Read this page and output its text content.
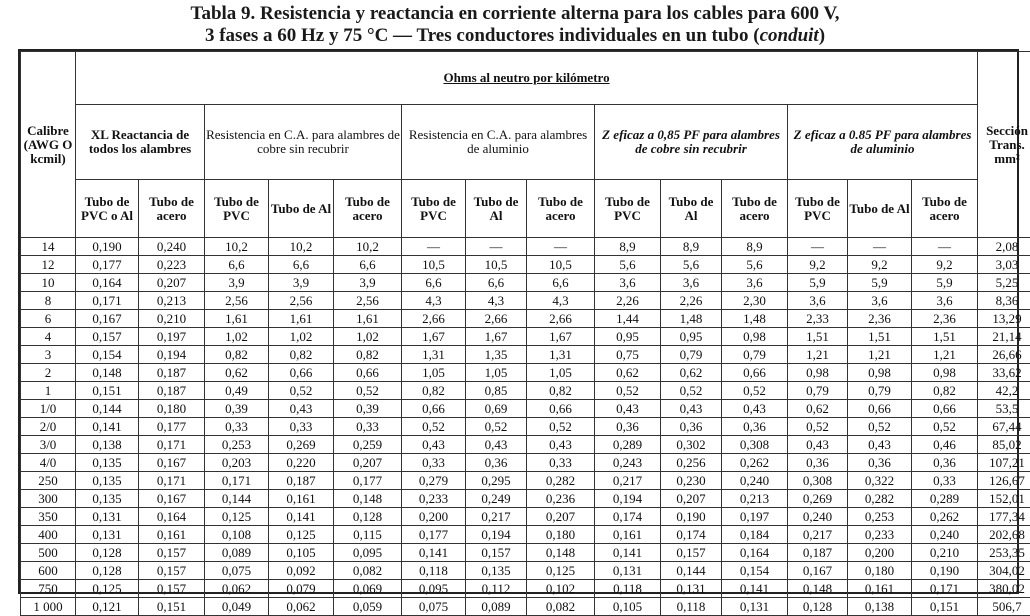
Tabla 9. Resistencia y reactancia en corriente alterna para los cables para 600 V,
3 fases a 60 Hz y 75 °C — Tres conductores individuales en un tubo (conduit)
Calibre (AWG O kcmil)	Ohms al neutro por kilómetro														Sección Trans. mm²
	XL Reactancia de todos los alambres		Resistencia en C.A. para alambres de cobre sin recubrir			Resistencia en C.A. para alambres de aluminio			Z eficaz a 0,85 PF para alambres de cobre sin recubrir			Z eficaz a 0.85 PF para alambres de aluminio			
	Tubo de PVC o Al	Tubo de acero	Tubo de PVC	Tubo de Al	Tubo de acero	Tubo de PVC	Tubo de Al	Tubo de acero	Tubo de PVC	Tubo de Al	Tubo de acero	Tubo de PVC	Tubo de Al	Tubo de acero	
14	0,190	0,240	10,2	10,2	10,2	—	—	—	8,9	8,9	8,9	—	—	—	2,08
12	0,177	0,223	6,6	6,6	6,6	10,5	10,5	10,5	5,6	5,6	5,6	9,2	9,2	9,2	3,03
10	0,164	0,207	3,9	3,9	3,9	6,6	6,6	6,6	3,6	3,6	3,6	5,9	5,9	5,9	5,25
8	0,171	0,213	2,56	2,56	2,56	4,3	4,3	4,3	2,26	2,26	2,30	3,6	3,6	3,6	8,36
6	0,167	0,210	1,61	1,61	1,61	2,66	2,66	2,66	1,44	1,48	1,48	2,33	2,36	2,36	13,29
4	0,157	0,197	1,02	1,02	1,02	1,67	1,67	1,67	0,95	0,95	0,98	1,51	1,51	1,51	21,14
3	0,154	0,194	0,82	0,82	0,82	1,31	1,35	1,31	0,75	0,79	0,79	1,21	1,21	1,21	26,66
2	0,148	0,187	0,62	0,66	0,66	1,05	1,05	1,05	0,62	0,62	0,66	0,98	0,98	0,98	33,62
1	0,151	0,187	0,49	0,52	0,52	0,82	0,85	0,82	0,52	0,52	0,52	0,79	0,79	0,82	42,2
1/0	0,144	0,180	0,39	0,43	0,39	0,66	0,69	0,66	0,43	0,43	0,43	0,62	0,66	0,66	53,5
2/0	0,141	0,177	0,33	0,33	0,33	0,52	0,52	0,52	0,36	0,36	0,36	0,52	0,52	0,52	67,44
3/0	0,138	0,171	0,253	0,269	0,259	0,43	0,43	0,43	0,289	0,302	0,308	0,43	0,43	0,46	85,02
4/0	0,135	0,167	0,203	0,220	0,207	0,33	0,36	0,33	0,243	0,256	0,262	0,36	0,36	0,36	107,21
250	0,135	0,171	0,171	0,187	0,177	0,279	0,295	0,282	0,217	0,230	0,240	0,308	0,322	0,33	126,67
300	0,135	0,167	0,144	0,161	0,148	0,233	0,249	0,236	0,194	0,207	0,213	0,269	0,282	0,289	152,01
350	0,131	0,164	0,125	0,141	0,128	0,200	0,217	0,207	0,174	0,190	0,197	0,240	0,253	0,262	177,34
400	0,131	0,161	0,108	0,125	0,115	0,177	0,194	0,180	0,161	0,174	0,184	0,217	0,233	0,240	202,68
500	0,128	0,157	0,089	0,105	0,095	0,141	0,157	0,148	0,141	0,157	0,164	0,187	0,200	0,210	253,35
600	0,128	0,157	0,075	0,092	0,082	0,118	0,135	0,125	0,131	0,144	0,154	0,167	0,180	0,190	304,02
750	0,125	0,157	0,062	0,079	0,069	0,095	0,112	0,102	0,118	0,131	0,141	0,148	0,161	0,171	380,02
1 000	0,121	0,151	0,049	0,062	0,059	0,075	0,089	0,082	0,105	0,118	0,131	0,128	0,138	0,151	506,7
